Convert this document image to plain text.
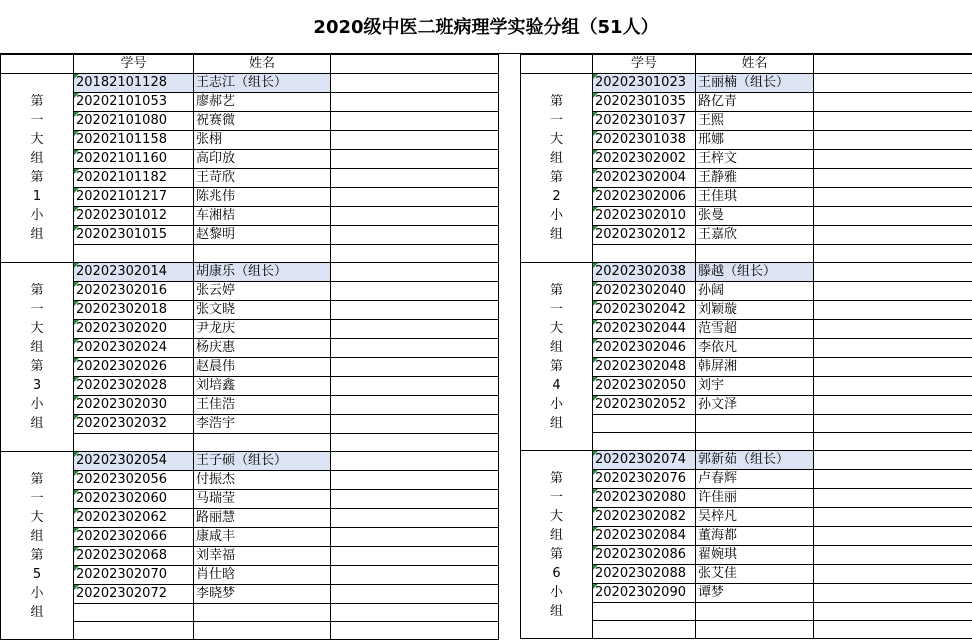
2020级中医二班病理学实验分组（51人）
	学号	姓名	
第一大组第1小组	20182101128	王志江（组长）	
	20202101053	廖郝艺	
	20202101080	祝赛微	
	20202101158	张栩	
	20202101160	高印放	
	20202101182	王苛欣	
	20202101217	陈兆伟	
	20202301012	车湘桔	
	20202301015	赵黎明	

第一大组第3小组	20202302014	胡康乐（组长）	
	20202302016	张云婷	
	20202302018	张文晓	
	20202302020	尹龙庆	
	20202302024	杨庆惠	
	20202302026	赵晨伟	
	20202302028	刘培鑫	
	20202302030	王佳浩	
	20202302032	李浩宇	

第一大组第5小组	20202302054	王子硕（组长）	
	20202302056	付振杰	
	20202302060	马瑞莹	
	20202302062	路丽慧	
	20202302066	康咸丰	
	20202302068	刘幸福	
	20202302070	肖仕晗	
	20202302072	李晓梦	

	学号	姓名	
第一大组第2小组	20202301023	王丽楠（组长）	
	20202301035	路亿青	
	20202301037	王熙	
	20202301038	邢娜	
	20202302002	王梓文	
	20202302004	王静雅	
	20202302006	王佳琪	
	20202302010	张曼	
	20202302012	王嘉欣	

第一大组第4小组	20202302038	滕越（组长）	
	20202302040	孙阔	
	20202302042	刘颖璇	
	20202302044	范雪超	
	20202302046	李依凡	
	20202302048	韩屏湘	
	20202302050	刘宇	
	20202302052	孙文泽	

第一大组第6小组	20202302074	郭新茹（组长）	
	20202302076	卢春辉	
	20202302080	许佳丽	
	20202302082	吴梓凡	
	20202302084	董海都	
	20202302086	翟婉琪	
	20202302088	张艾佳	
	20202302090	谭梦	
